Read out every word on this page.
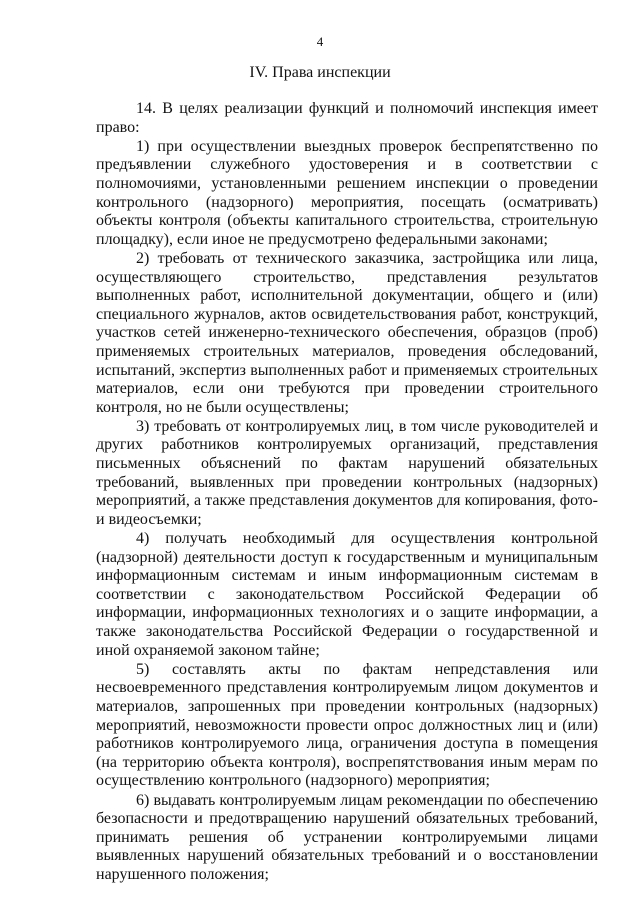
4
IV. Права инспекции

14. В целях реализации функций и полномочий инспекция имеет право:

1) при осуществлении выездных проверок беспрепятственно по предъявлении служебного удостоверения и в соответствии с полномочиями, установленными решением инспекции о проведении контрольного (надзорного) мероприятия, посещать (осматривать) объекты контроля (объекты капитального строительства, строительную площадку), если иное не предусмотрено федеральными законами;

2) требовать от технического заказчика, застройщика или лица, осуществляющего строительство, представления результатов выполненных работ, исполнительной документации, общего и (или) специального журналов, актов освидетельствования работ, конструкций, участков сетей инженерно-технического обеспечения, образцов (проб) применяемых строительных материалов, проведения обследований, испытаний, экспертиз выполненных работ и применяемых строительных материалов, если они требуются при проведении строительного контроля, но не были осуществлены;

3) требовать от контролируемых лиц, в том числе руководителей и других работников контролируемых организаций, представления письменных объяснений по фактам нарушений обязательных требований, выявленных при проведении контрольных (надзорных) мероприятий, а также представления документов для копирования, фото- и видеосъемки;

4) получать необходимый для осуществления контрольной (надзорной) деятельности доступ к государственным и муниципальным информационным системам и иным информационным системам в соответствии с законодательством Российской Федерации об информации, информационных технологиях и о защите информации, а также законодательства Российской Федерации о государственной и иной охраняемой законом тайне;

5) составлять акты по фактам непредставления или несвоевременного представления контролируемым лицом документов и материалов, запрошенных при проведении контрольных (надзорных) мероприятий, невозможности провести опрос должностных лиц и (или) работников контролируемого лица, ограничения доступа в помещения (на территорию объекта контроля), воспрепятствования иным мерам по осуществлению контрольного (надзорного) мероприятия;

6) выдавать контролируемым лицам рекомендации по обеспечению безопасности и предотвращению нарушений обязательных требований, принимать решения об устранении контролируемыми лицами выявленных нарушений обязательных требований и о восстановлении нарушенного положения;
